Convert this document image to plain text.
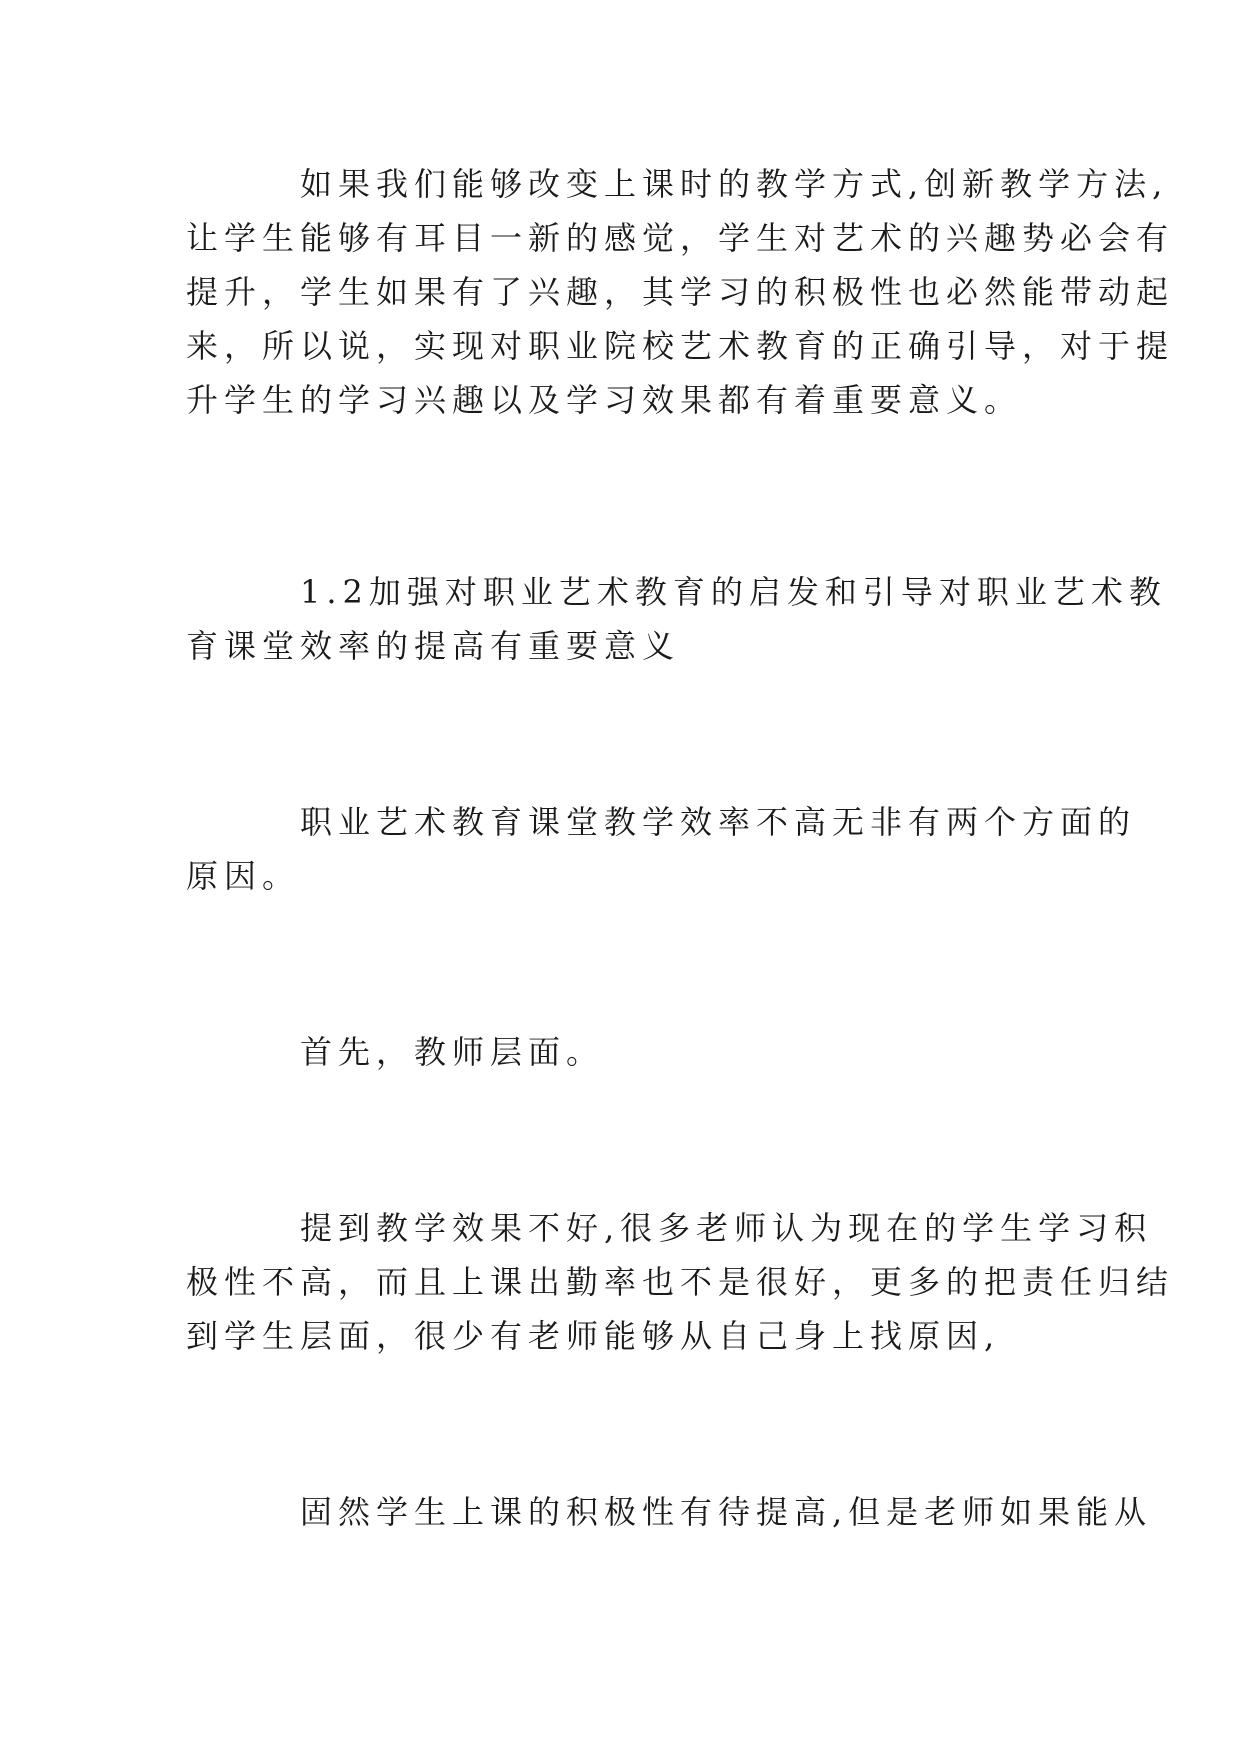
如果我们能够改变上课时的教学方式,创新教学方法,
让学生能够有耳目一新的感觉，学生对艺术的兴趣势必会有
提升，学生如果有了兴趣，其学习的积极性也必然能带动起
来，所以说，实现对职业院校艺术教育的正确引导，对于提
升学生的学习兴趣以及学习效果都有着重要意义。
1.2加强对职业艺术教育的启发和引导对职业艺术教
育课堂效率的提高有重要意义
职业艺术教育课堂教学效率不高无非有两个方面的
原因。
首先，教师层面。
提到教学效果不好,很多老师认为现在的学生学习积
极性不高，而且上课出勤率也不是很好，更多的把责任归结
到学生层面，很少有老师能够从自己身上找原因,
固然学生上课的积极性有待提高,但是老师如果能从
